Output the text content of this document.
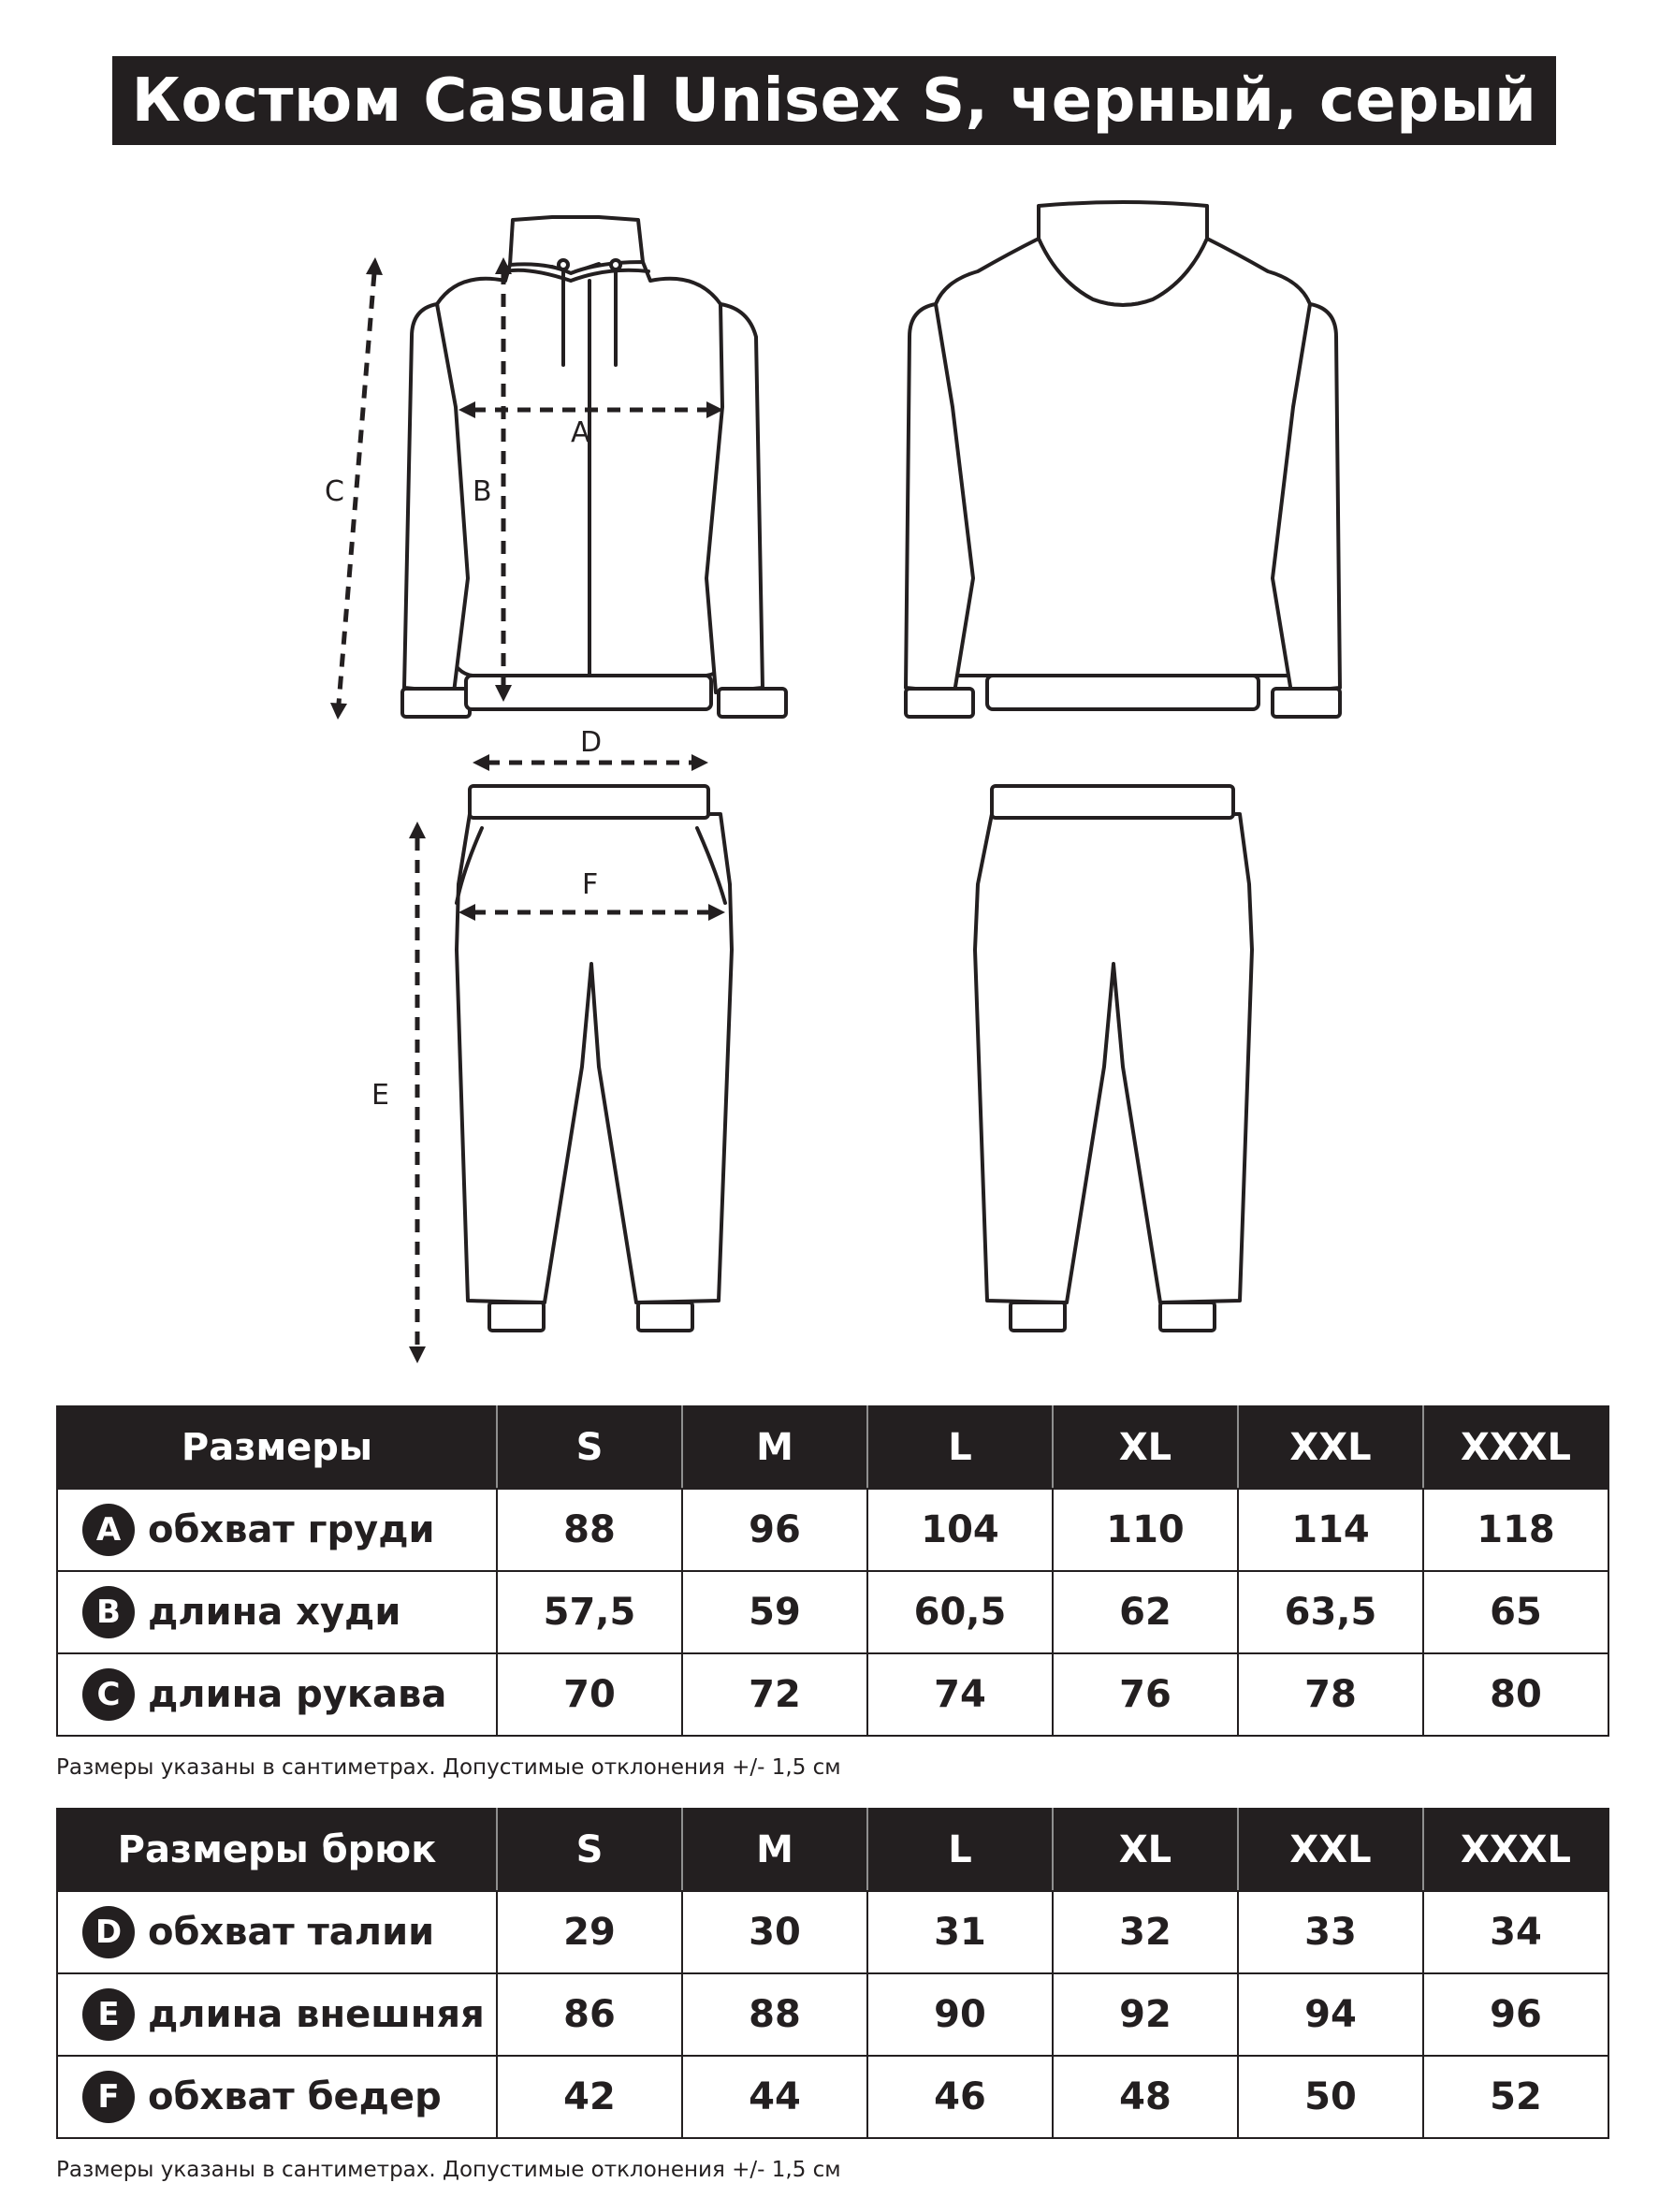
Костюм Casual Unisex S, черный, серый
A
B
C
D
F
E
Размеры	S	M	L	XL	XXL	XXXL
A обхват груди	88	96	104	110	114	118
B длина худи	57,5	59	60,5	62	63,5	65
C длина рукава	70	72	74	76	78	80
Размеры указаны в сантиметрах. Допустимые отклонения +/- 1,5 см
Размеры брюк	S	M	L	XL	XXL	XXXL
D обхват талии	29	30	31	32	33	34
E длина внешняя	86	88	90	92	94	96
F обхват бедер	42	44	46	48	50	52
Размеры указаны в сантиметрах. Допустимые отклонения +/- 1,5 см
